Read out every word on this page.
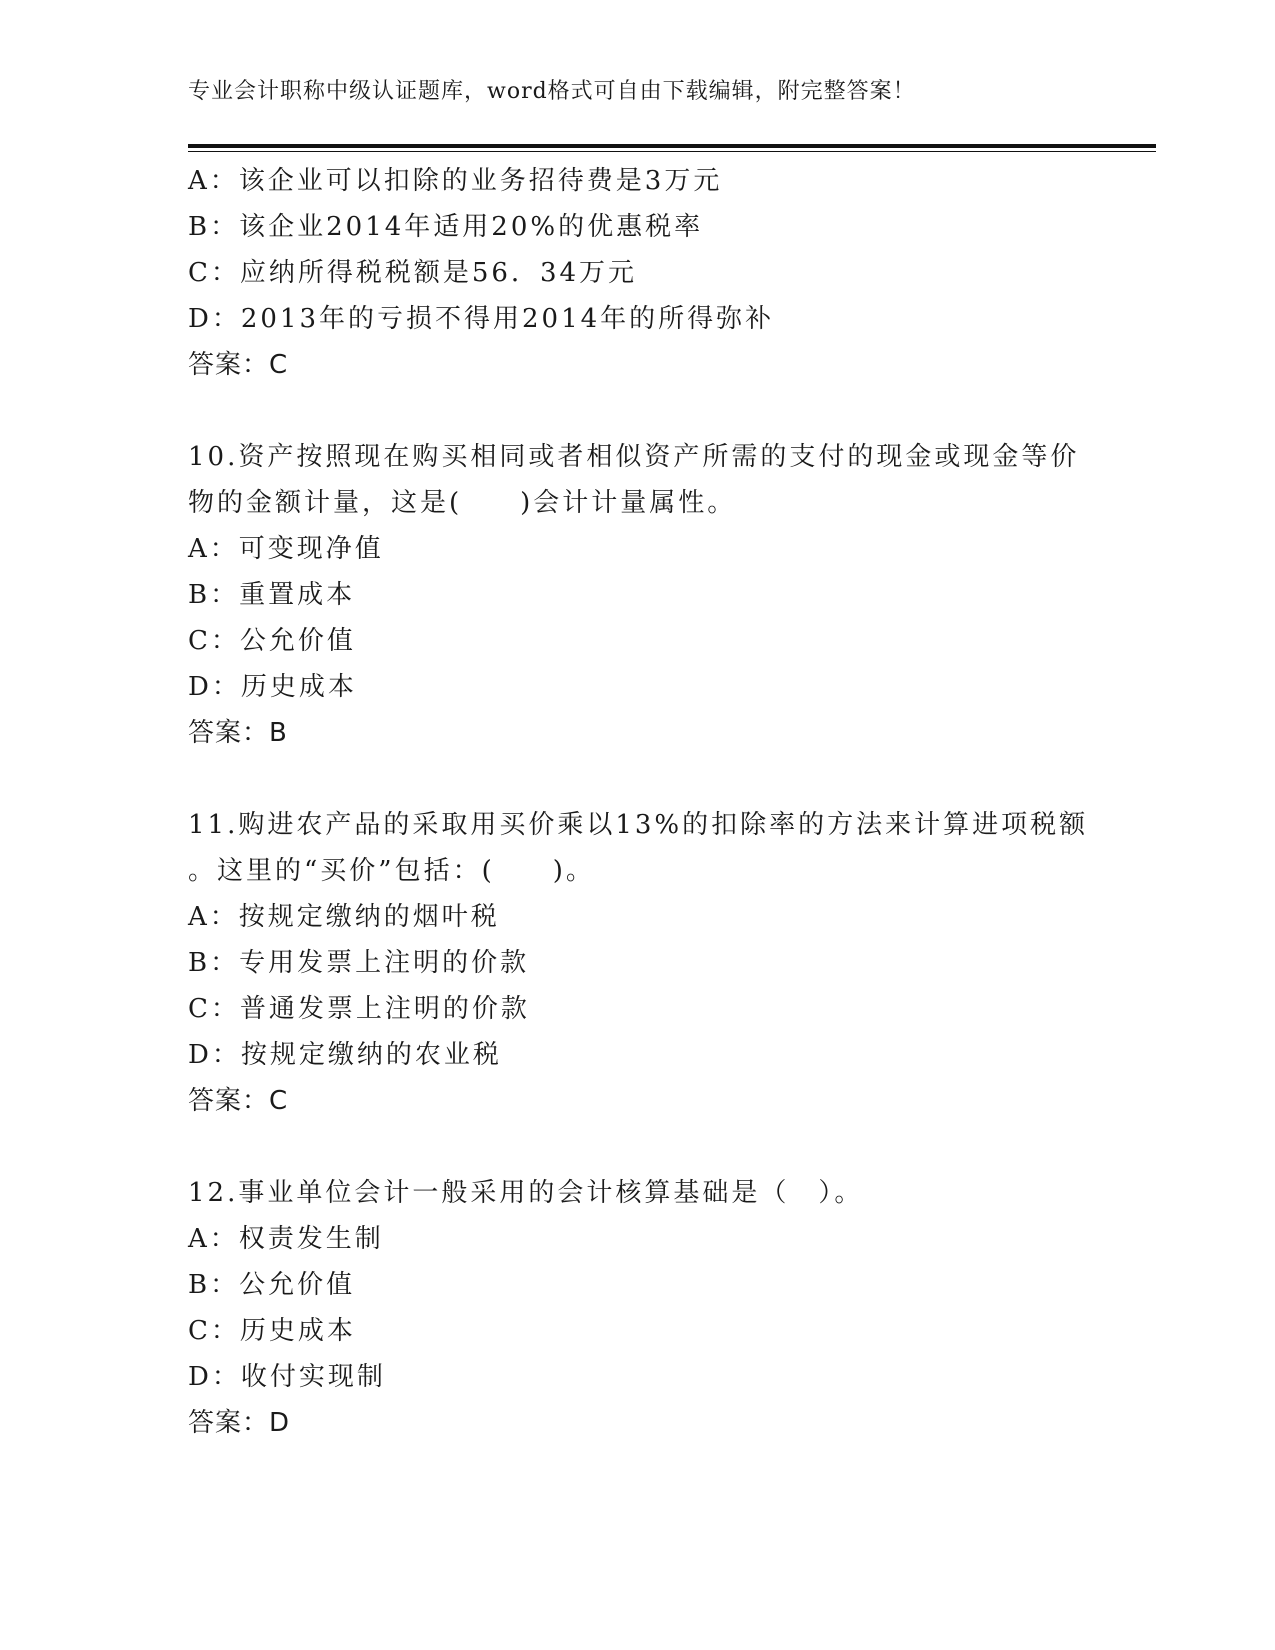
专业会计职称中级认证题库，word格式可自由下载编辑，附完整答案！
A：该企业可以扣除的业务招待费是3万元
B：该企业2014年适用20%的优惠税率
C：应纳所得税税额是56．34万元
D：2013年的亏损不得用2014年的所得弥补
答案：C
10.资产按照现在购买相同或者相似资产所需的支付的现金或现金等价
物的金额计量，这是(　　)会计计量属性。
A：可变现净值
B：重置成本
C：公允价值
D：历史成本
答案：B
11.购进农产品的采取用买价乘以13%的扣除率的方法来计算进项税额
。这里的“买价”包括：(　　)。
A：按规定缴纳的烟叶税
B：专用发票上注明的价款
C：普通发票上注明的价款
D：按规定缴纳的农业税
答案：C
12.事业单位会计一般采用的会计核算基础是（　）。
A：权责发生制
B：公允价值
C：历史成本
D：收付实现制
答案：D
